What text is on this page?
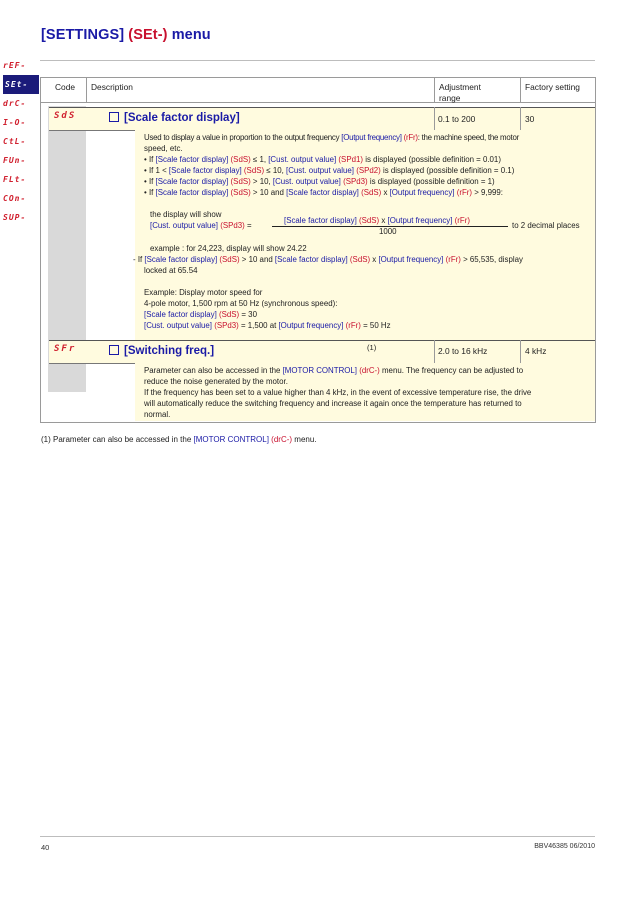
[SETTINGS] (SEt-) menu
rEF-
SEt-
drC-
I-O-
CtL-
FUn-
FLt-
COn-
SUP-
Code Description	Adjustment
range
Factory setting
SdS	[Scale factor display]	0.1 to 200	30
Used to display a value in proportion to the output frequency [Output frequency] (rFr): the machine speed, the motor
speed, etc.
• If [Scale factor display] (SdS) ≤ 1, [Cust. output value] (SPd1) is displayed (possible definition = 0.01)
• If 1 < [Scale factor display] (SdS) ≤ 10, [Cust. output value] (SPd2) is displayed (possible definition = 0.1)
• If [Scale factor display] (SdS) > 10, [Cust. output value] (SPd3) is displayed (possible definition = 1)
• If [Scale factor display] (SdS) > 10 and [Scale factor display] (SdS) x [Output frequency] (rFr) > 9,999:
the display will show
[Scale factor display] (SdS) x [Output frequency] (rFr)
[Cust. output value] (SPd3) =	to 2 decimal places
1000
example : for 24,223, display will show 24.22
- If [Scale factor display] (SdS) > 10 and [Scale factor display] (SdS) x [Output frequency] (rFr) > 65,535, display
locked at 65.54
Example: Display motor speed for
4-pole motor, 1,500 rpm at 50 Hz (synchronous speed):
[Scale factor display] (SdS) = 30
[Cust. output value] (SPd3) = 1,500 at [Output frequency] (rFr) = 50 Hz
SFr	[Switching freq.]	(1)	2.0 to 16 kHz	4 kHz
Parameter can also be accessed in the [MOTOR CONTROL] (drC-) menu. The frequency can be adjusted to
reduce the noise generated by the motor.
If the frequency has been set to a value higher than 4 kHz, in the event of excessive temperature rise, the drive
will automatically reduce the switching frequency and increase it again once the temperature has returned to
normal.
(1) Parameter can also be accessed in the [MOTOR CONTROL] (drC-) menu.
40	BBV46385 06/2010
